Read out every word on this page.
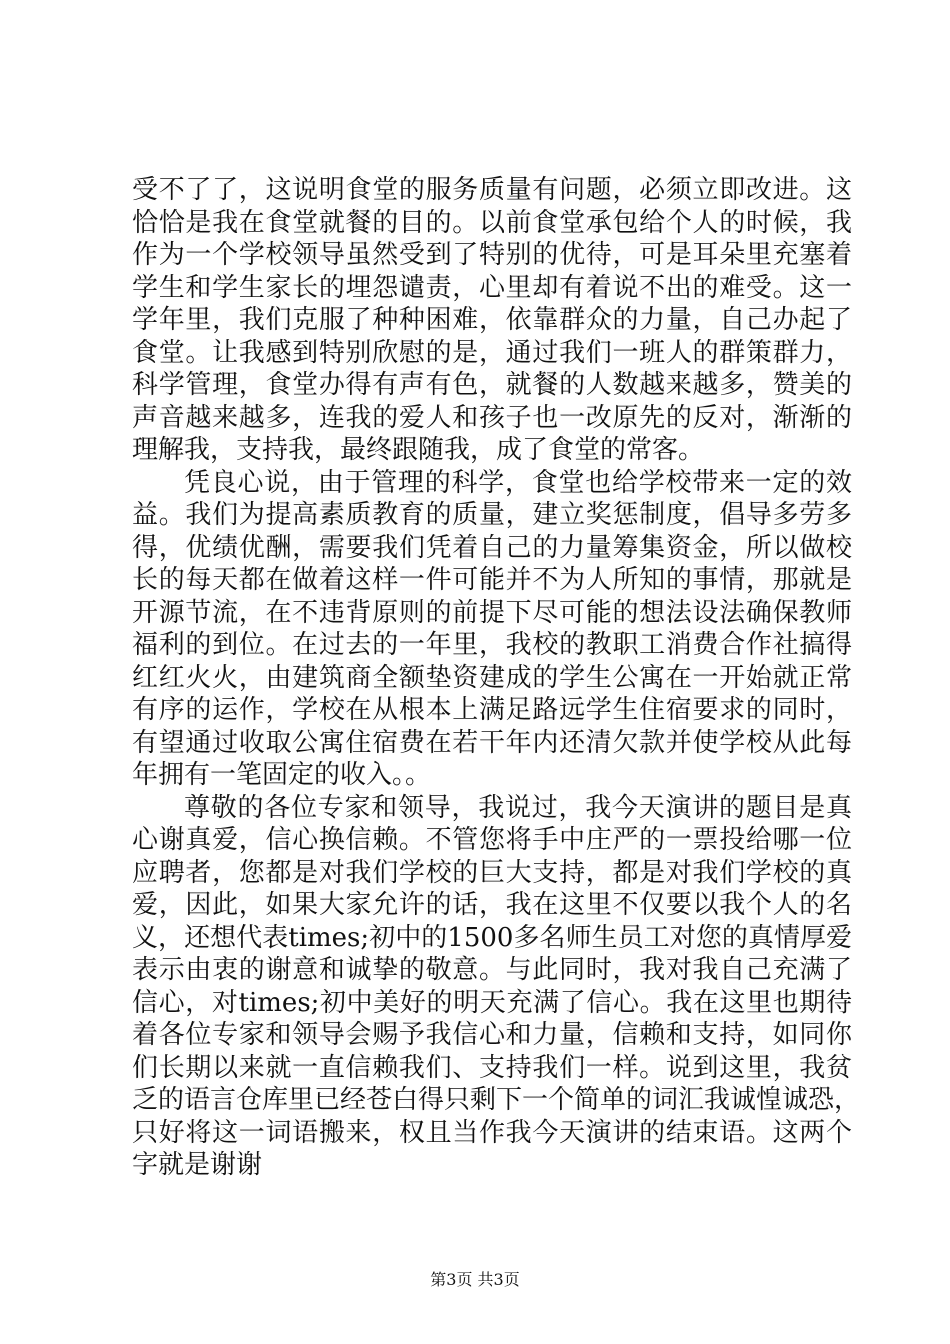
受不了了，这说明食堂的服务质量有问题，必须立即改进。这
恰恰是我在食堂就餐的目的。以前食堂承包给个人的时候，我
作为一个学校领导虽然受到了特别的优待，可是耳朵里充塞着
学生和学生家长的埋怨谴责，心里却有着说不出的难受。这一
学年里，我们克服了种种困难，依靠群众的力量，自己办起了
食堂。让我感到特别欣慰的是，通过我们一班人的群策群力，
科学管理，食堂办得有声有色，就餐的人数越来越多，赞美的
声音越来越多，连我的爱人和孩子也一改原先的反对，渐渐的
理解我，支持我，最终跟随我，成了食堂的常客。
凭良心说，由于管理的科学，食堂也给学校带来一定的效
益。我们为提高素质教育的质量，建立奖惩制度，倡导多劳多
得，优绩优酬，需要我们凭着自己的力量筹集资金，所以做校
长的每天都在做着这样一件可能并不为人所知的事情，那就是
开源节流，在不违背原则的前提下尽可能的想法设法确保教师
福利的到位。在过去的一年里，我校的教职工消费合作社搞得
红红火火，由建筑商全额垫资建成的学生公寓在一开始就正常
有序的运作，学校在从根本上满足路远学生住宿要求的同时，
有望通过收取公寓住宿费在若干年内还清欠款并使学校从此每
年拥有一笔固定的收入。。
尊敬的各位专家和领导，我说过，我今天演讲的题目是真
心谢真爱，信心换信赖。不管您将手中庄严的一票投给哪一位
应聘者，您都是对我们学校的巨大支持，都是对我们学校的真
爱，因此，如果大家允许的话，我在这里不仅要以我个人的名
义，还想代表times;初中的1500多名师生员工对您的真情厚爱
表示由衷的谢意和诚挚的敬意。与此同时，我对我自己充满了
信心，对times;初中美好的明天充满了信心。我在这里也期待
着各位专家和领导会赐予我信心和力量，信赖和支持，如同你
们长期以来就一直信赖我们、支持我们一样。说到这里，我贫
乏的语言仓库里已经苍白得只剩下一个简单的词汇我诚惶诚恐，
只好将这一词语搬来，权且当作我今天演讲的结束语。这两个
字就是谢谢
第3页 共3页
